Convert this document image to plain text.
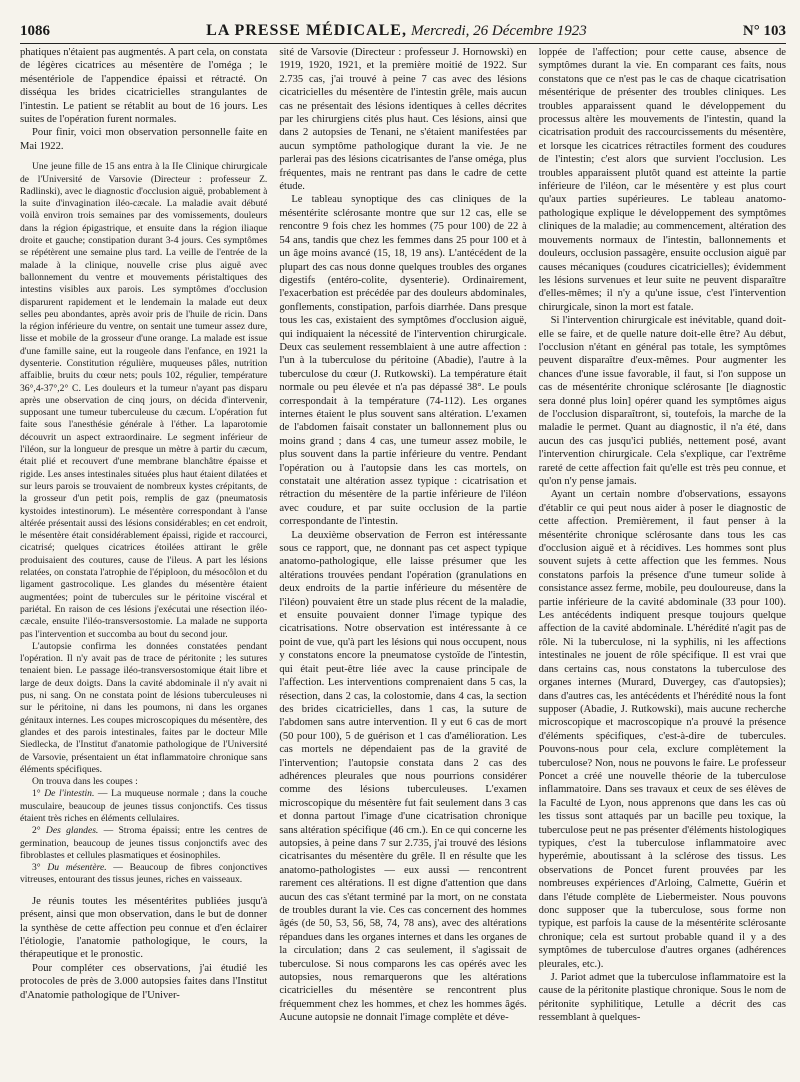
1086	LA PRESSE MÉDICALE, Mercredi, 26 Décembre 1923	N° 103

phatiques n'étaient pas augmentés. A part cela, on constata de légères cicatrices au mésentère de l'oméga ; le mésentériole de l'appendice épaissi et rétracté. On disséqua les brides cicatricielles strangulantes de l'intestin. Le patient se rétablit au bout de 16 jours. Les suites de l'opération furent normales.

Pour finir, voici mon observation personnelle faite en Mai 1922.

Une jeune fille de 15 ans entra à la IIe Clinique chirurgicale de l'Université de Varsovie (Directeur : professeur Z. Radlinski), avec le diagnostic d'occlusion aiguë, probablement à la suite d'invagination iléo-cæcale. La maladie avait débuté voilà environ trois semaines par des vomissements, douleurs dans la région épigastrique, et ensuite dans la région iliaque droite et gauche; constipation durant 3-4 jours. Ces symptômes se répétèrent une semaine plus tard. La veille de l'entrée de la malade à la clinique, nouvelle crise plus aiguë avec ballonnement du ventre et mouvements péristaltiques des intestins visibles aux parois. Les symptômes d'occlusion disparurent rapidement et le lendemain la malade eut deux selles peu abondantes, après avoir pris de l'huile de ricin. Dans la région inférieure du ventre, on sentait une tumeur assez dure, lisse et mobile de la grosseur d'une orange. La malade est issue d'une famille saine, eut la rougeole dans l'enfance, en 1921 la dysenterie. Constitution régulière, muqueuses pâles, nutrition affaiblie, bruits du cœur nets; pouls 102, régulier, température 36°,4-37°,2° C. Les douleurs et la tumeur n'ayant pas disparu après une observation de cinq jours, on décida d'intervenir, supposant une tumeur tuberculeuse du cæcum. L'opération fut faite sous l'anesthésie générale à l'éther. La laparotomie découvrit un aspect extraordinaire. Le segment inférieur de l'iléon, sur la longueur de presque un mètre à partir du cæcum, était plié et recouvert d'une membrane blanchâtre épaisse et rigide. Les anses intestinales situées plus haut étaient dilatées et sur leurs parois se trouvaient de nombreux kystes crépitants, de la grosseur d'un petit pois, remplis de gaz (pneumatosis kystoides intestinorum). Le mésentère correspondant à l'anse altérée présentait aussi des lésions considérables; en cet endroit, le mésentère était considérablement épaissi, rigide et raccourci, cicatrisé; quelques cicatrices étoilées attirant le grêle produisaient des coutures, cause de l'ileus. A part les lésions relatées, on constata l'atrophie de l'épiploon, du mésocôlon et du ligament gastrocolique. Les glandes du mésentère étaient augmentées; point de tubercules sur le péritoine viscéral et pariétal. En raison de ces lésions j'exécutai une résection iléo-cæcale, ensuite l'iléo-transversostomie. La malade ne supporta pas l'intervention et succomba au bout du second jour.

L'autopsie confirma les données constatées pendant l'opération. Il n'y avait pas de trace de péritonite ; les sutures tenaient bien. Le passage iléo-transversostomique était libre et large de deux doigts. Dans la cavité abdominale il n'y avait ni pus, ni sang. On ne constata point de lésions tuberculeuses ni sur le péritoine, ni dans les poumons, ni dans les organes génitaux internes. Les coupes microscopiques du mésentère, des glandes et des parois intestinales, faites par le docteur Mlle Siedlecka, de l'Institut d'anatomie pathologique de l'Université de Varsovie, présentaient un état inflammatoire chronique sans éléments spécifiques.

On trouva dans les coupes :

1° De l'intestin. — La muqueuse normale ; dans la couche musculaire, beaucoup de jeunes tissus conjonctifs. Ces tissus étaient très riches en éléments cellulaires.

2° Des glandes. — Stroma épaissi; entre les centres de germination, beaucoup de jeunes tissus conjonctifs avec des fibroblastes et cellules plasmatiques et éosinophiles.

3° Du mésentère. — Beaucoup de fibres conjonctives vitreuses, entourant des tissus jeunes, riches en vaisseaux.

Je réunis toutes les mésentérites publiées jusqu'à présent, ainsi que mon observation, dans le but de donner la synthèse de cette affection peu connue et d'en éclairer l'étiologie, l'anatomie pathologique, le cours, la thérapeutique et le pronostic.

Pour compléter ces observations, j'ai étudié les protocoles de près de 3.000 autopsies faites dans l'Institut d'Anatomie pathologique de l'Univer-

sité de Varsovie (Directeur : professeur J. Hornowski) en 1919, 1920, 1921, et la première moitié de 1922. Sur 2.735 cas, j'ai trouvé à peine 7 cas avec des lésions cicatricielles du mésentère de l'intestin grêle, mais aucun cas ne présentait des lésions identiques à celles décrites par les chirurgiens cités plus haut. Ces lésions, ainsi que dans 2 autopsies de Tenani, ne s'étaient manifestées par aucun symptôme pathologique durant la vie. Je ne parlerai pas des lésions cicatrisantes de l'anse oméga, plus fréquentes, mais ne rentrant pas dans le cadre de cette étude.

Le tableau synoptique des cas cliniques de la mésentérite sclérosante montre que sur 12 cas, elle se rencontre 9 fois chez les hommes (75 pour 100) de 22 à 54 ans, tandis que chez les femmes dans 25 pour 100 et à un âge moins avancé (15, 18, 19 ans). L'antécédent de la plupart des cas nous donne quelques troubles des organes digestifs (entéro-colite, dysenterie). Ordinairement, l'exacerbation est précédée par des douleurs abdominales, gonflements, constipation, parfois diarrhée. Dans presque tous les cas, existaient des symptômes d'occlusion aiguë, qui indiquaient la nécessité de l'intervention chirurgicale. Deux cas seulement ressemblaient à une autre affection : l'un à la tuberculose du péritoine (Abadie), l'autre à la tuberculose du cœur (J. Rutkowski). La température était normale ou peu élevée et n'a pas dépassé 38°. Le pouls correspondait à la température (74-112). Les organes internes étaient le plus souvent sans altération. L'examen de l'abdomen faisait constater un ballonnement plus ou moins grand ; dans 4 cas, une tumeur assez mobile, le plus souvent dans la partie inférieure du ventre. Pendant l'opération ou à l'autopsie dans les cas mortels, on constatait une altération assez typique : cicatrisation et rétraction du mésentère de la partie inférieure de l'iléon avec coudure, et par suite occlusion de la partie correspondante de l'intestin.

La deuxième observation de Ferron est intéressante sous ce rapport, que, ne donnant pas cet aspect typique anatomo-pathologique, elle laisse présumer que les altérations trouvées pendant l'opération (granulations en deux endroits de la partie inférieure du mésentère de l'iléon) pouvaient être un stade plus récent de la maladie, et ensuite pouvaient donner l'image typique des cicatrisations. Notre observation est intéressante à ce point de vue, qu'à part les lésions qui nous occupent, nous y constatons encore la pneumatose cystoïde de l'intestin, qui était peut-être liée avec la cause principale de l'affection. Les interventions comprenaient dans 5 cas, la résection, dans 2 cas, la colostomie, dans 4 cas, la section des brides cicatricielles, dans 1 cas, la suture de l'abdomen sans autre intervention. Il y eut 6 cas de mort (50 pour 100), 5 de guérison et 1 cas d'amélioration. Les cas mortels ne dépendaient pas de la gravité de l'intervention; l'autopsie constata dans 2 cas des adhérences pleurales que nous pourrions considérer comme des lésions tuberculeuses. L'examen microscopique du mésentère fut fait seulement dans 3 cas et donna partout l'image d'une cicatrisation chronique sans altération spécifique (46 cm.). En ce qui concerne les autopsies, à peine dans 7 sur 2.735, j'ai trouvé des lésions cicatrisantes du mésentère du grêle. Il en résulte que les anatomo-pathologistes — eux aussi — rencontrent rarement ces altérations. Il est digne d'attention que dans aucun des cas s'étant terminé par la mort, on ne constata de troubles durant la vie. Ces cas concernent des hommes âgés (de 50, 53, 56, 58, 74, 78 ans), avec des altérations répandues dans les organes internes et dans les organes de la circulation; dans 2 cas seulement, il s'agissait de tuberculose. Si nous comparons les cas opérés avec les autopsies, nous remarquerons que les altérations cicatricielles du mésentère se rencontrent plus fréquemment chez les hommes, et chez les hommes âgés. Aucune autopsie ne donnait l'image complète et déve-

loppée de l'affection; pour cette cause, absence de symptômes durant la vie. En comparant ces faits, nous constatons que ce n'est pas le cas de chaque cicatrisation mésentérique de présenter des troubles cliniques. Les troubles apparaissent quand le développement du processus altère les mouvements de l'intestin, quand la cicatrisation produit des raccourcissements du mésentère, et lorsque les cicatrices rétractiles forment des coudures de l'intestin; c'est alors que survient l'occlusion. Les troubles apparaissent plutôt quand est atteinte la partie inférieure de l'iléon, car le mésentère y est plus court qu'aux parties supérieures. Le tableau anatomo-pathologique explique le développement des symptômes cliniques de la maladie; au commencement, altération des mouvements normaux de l'intestin, ballonnements et douleurs, occlusion passagère, ensuite occlusion aiguë par causes mécaniques (coudures cicatricielles); évidemment les lésions survenues et leur suite ne peuvent disparaître d'elles-mêmes; il n'y a qu'une issue, c'est l'intervention chirurgicale, sinon la mort est fatale.

Si l'intervention chirurgicale est inévitable, quand doit-elle se faire, et de quelle nature doit-elle être? Au début, l'occlusion n'étant en général pas totale, les symptômes peuvent disparaître d'eux-mêmes. Pour augmenter les chances d'une issue favorable, il faut, si l'on suppose un cas de mésentérite chronique sclérosante [le diagnostic sera donné plus loin] opérer quand les symptômes aigus de l'occlusion disparaîtront, si, toutefois, la marche de la maladie le permet. Quant au diagnostic, il n'a été, dans aucun des cas jusqu'ici publiés, nettement posé, avant l'intervention chirurgicale. Cela s'explique, car l'extrême rareté de cette affection fait qu'elle est très peu connue, et qu'on n'y pense jamais.

Ayant un certain nombre d'observations, essayons d'établir ce qui peut nous aider à poser le diagnostic de cette affection. Premièrement, il faut penser à la mésentérite chronique sclérosante dans tous les cas d'occlusion aiguë et à récidives. Les hommes sont plus souvent sujets à cette affection que les femmes. Nous constatons parfois la présence d'une tumeur solide à consistance assez ferme, mobile, peu douloureuse, dans la partie inférieure de la cavité abdominale (33 pour 100). Les antécédents indiquent presque toujours quelque affection de la cavité abdominale. L'hérédité n'agit pas de rôle. Ni la tuberculose, ni la syphilis, ni les affections intestinales ne jouent de rôle spécifique. Il est vrai que dans certains cas, nous constatons la tuberculose des organes internes (Murard, Duvergey, cas d'autopsies); dans d'autres cas, les antécédents et l'hérédité nous la font supposer (Abadie, J. Rutkowski), mais aucune recherche microscopique et macroscopique n'a prouvé la présence d'éléments spécifiques, c'est-à-dire de tubercules. Pouvons-nous pour cela, exclure complètement la tuberculose? Non, nous ne pouvons le faire. Le professeur Poncet a créé une nouvelle théorie de la tuberculose inflammatoire. Dans ses travaux et ceux de ses élèves de la Faculté de Lyon, nous apprenons que dans les cas où les tissus sont attaqués par un bacille peu toxique, la tuberculose peut ne pas présenter d'éléments histologiques typiques, c'est la tuberculose inflammatoire avec hyperémie, aboutissant à la sclérose des tissus. Les observations de Poncet furent prouvées par les nombreuses expériences d'Arloing, Calmette, Guérin et dans l'étude complète de Liebermeister. Nous pouvons donc supposer que la tuberculose, sous forme non typique, est parfois la cause de la mésentérite sclérosante chronique; cela est surtout probable quand il y a des symptômes de tuberculose d'autres organes (adhérences pleurales, etc.).

J. Pariot admet que la tuberculose inflammatoire est la cause de la péritonite plastique chronique. Sous le nom de péritonite syphilitique, Letulle a décrit des cas ressemblant à quelques-
